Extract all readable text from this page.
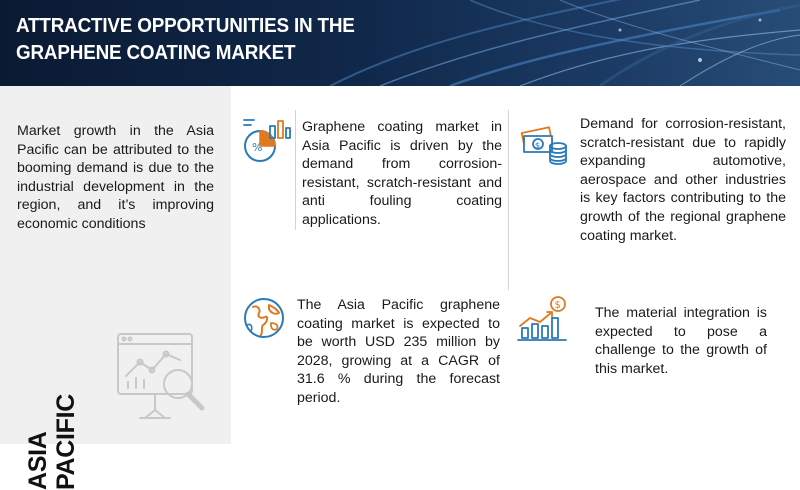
ATTRACTIVE OPPORTUNITIES IN THE
GRAPHENE COATING MARKET
Market growth in the Asia Pacific can be attributed to the booming demand is due to the industrial development in the region, and it’s improving economic conditions
ASIA PACIFIC
%
Graphene coating market in Asia Pacific is driven by the demand from corrosion-resistant, scratch-resistant and anti fouling coating applications.
$
Demand for corrosion-resistant, scratch-resistant due to rapidly expanding automotive, aerospace and other industries is key factors contributing to the growth of the regional graphene coating market.
The Asia Pacific graphene coating market is expected to be worth USD 235 million by 2028, growing at a CAGR of 31.6 % during the forecast period.
$ The material integration is expected to pose a challenge to the growth of this market.
